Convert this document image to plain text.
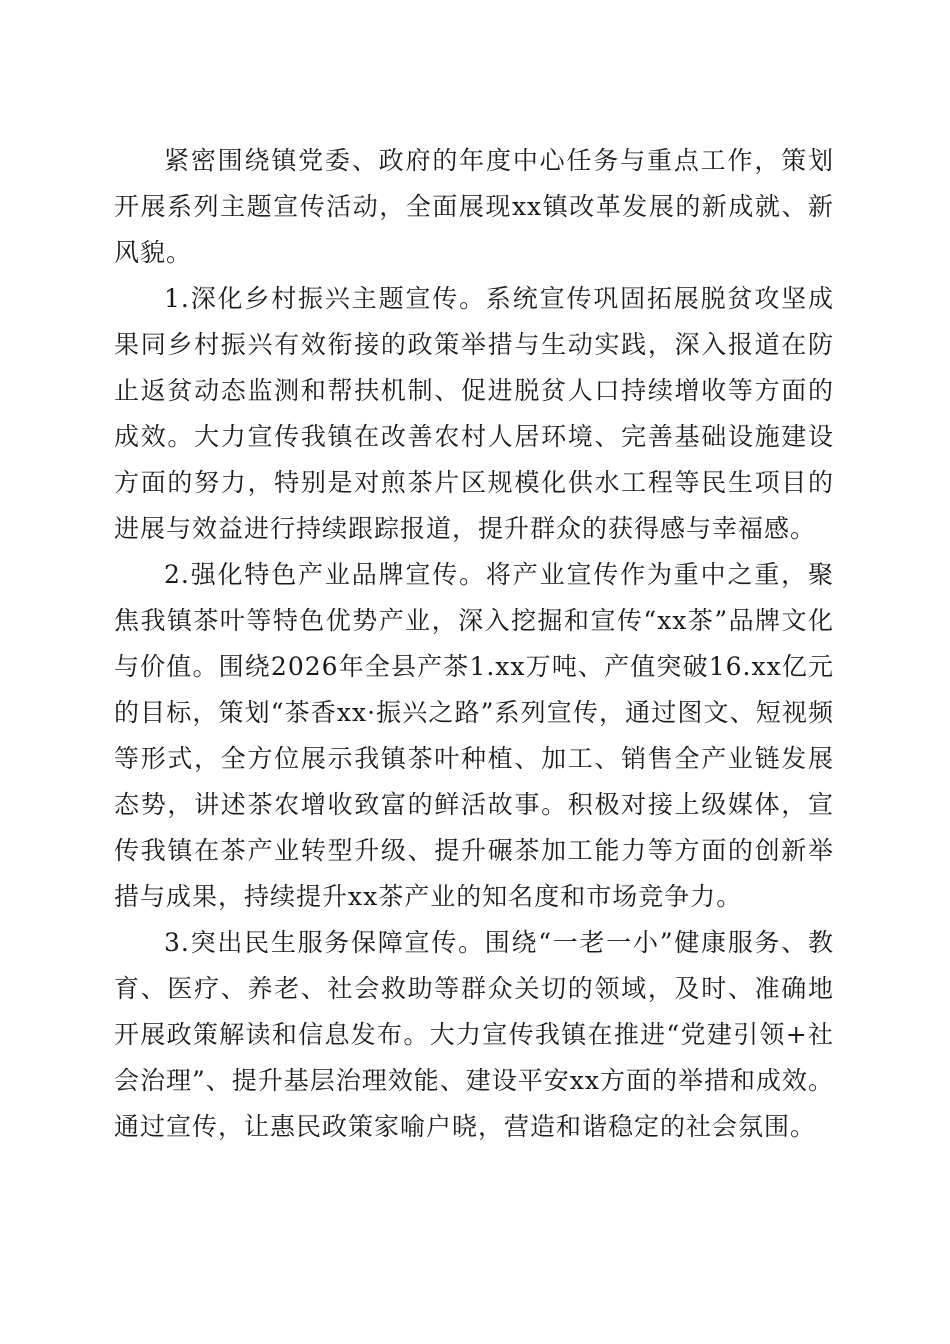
紧密围绕镇党委、政府的年度中心任务与重点工作，策划开展系列主题宣传活动，全面展现xx镇改革发展的新成就、新风貌。

1.深化乡村振兴主题宣传。系统宣传巩固拓展脱贫攻坚成果同乡村振兴有效衔接的政策举措与生动实践，深入报道在防止返贫动态监测和帮扶机制、促进脱贫人口持续增收等方面的成效。大力宣传我镇在改善农村人居环境、完善基础设施建设方面的努力，特别是对煎茶片区规模化供水工程等民生项目的进展与效益进行持续跟踪报道，提升群众的获得感与幸福感。

2.强化特色产业品牌宣传。将产业宣传作为重中之重，聚焦我镇茶叶等特色优势产业，深入挖掘和宣传“xx茶”品牌文化与价值。围绕2026年全县产茶1.xx万吨、产值突破16.xx亿元的目标，策划“茶香xx·振兴之路”系列宣传，通过图文、短视频等形式，全方位展示我镇茶叶种植、加工、销售全产业链发展态势，讲述茶农增收致富的鲜活故事。积极对接上级媒体，宣传我镇在茶产业转型升级、提升碾茶加工能力等方面的创新举措与成果，持续提升xx茶产业的知名度和市场竞争力。

3.突出民生服务保障宣传。围绕“一老一小”健康服务、教育、医疗、养老、社会救助等群众关切的领域，及时、准确地开展政策解读和信息发布。大力宣传我镇在推进“党建引领+社会治理”、提升基层治理效能、建设平安xx方面的举措和成效。通过宣传，让惠民政策家喻户晓，营造和谐稳定的社会氛围。
